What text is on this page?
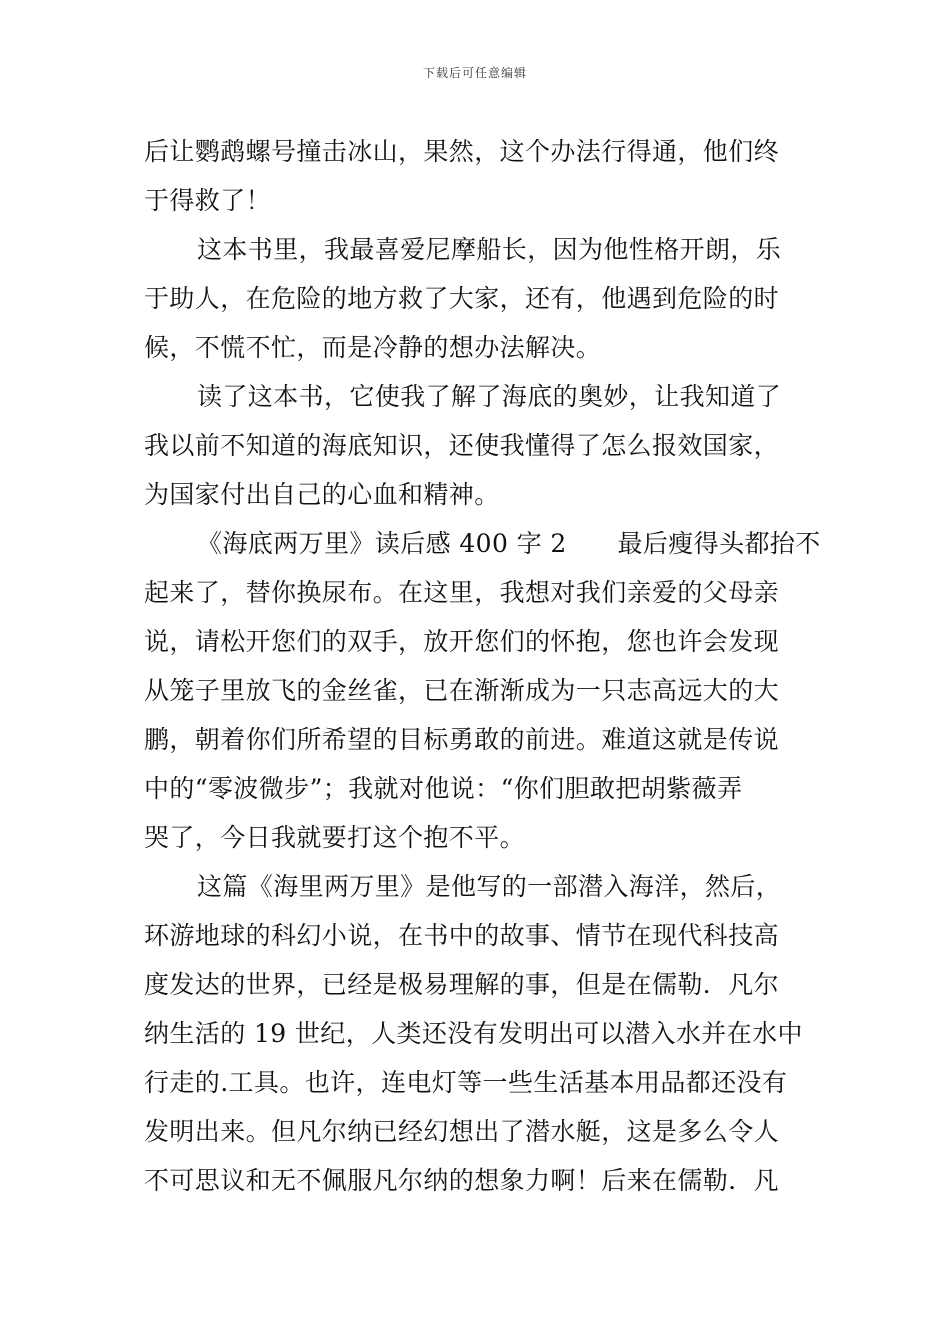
下载后可任意编辑
后让鹦鹉螺号撞击冰山，果然，这个办法行得通，他们终
于得救了！
这本书里，我最喜爱尼摩船长，因为他性格开朗，乐
于助人，在危险的地方救了大家，还有，他遇到危险的时
候，不慌不忙，而是冷静的想办法解决。
读了这本书，它使我了解了海底的奥妙，让我知道了
我以前不知道的海底知识，还使我懂得了怎么报效国家，
为国家付出自己的心血和精神。
《海底两万里》读后感 400 字 2　　最后瘦得头都抬不
起来了，替你换尿布。在这里，我想对我们亲爱的父母亲
说，请松开您们的双手，放开您们的怀抱，您也许会发现
从笼子里放飞的金丝雀，已在渐渐成为一只志高远大的大
鹏，朝着你们所希望的目标勇敢的前进。难道这就是传说
中的“零波微步”；我就对他说：“你们胆敢把胡紫薇弄
哭了，今日我就要打这个抱不平。
这篇《海里两万里》是他写的一部潜入海洋，然后，
环游地球的科幻小说，在书中的故事、情节在现代科技高
度发达的世界，已经是极易理解的事，但是在儒勒．凡尔
纳生活的 19 世纪，人类还没有发明出可以潜入水并在水中
行走的.工具。也许，连电灯等一些生活基本用品都还没有
发明出来。但凡尔纳已经幻想出了潜水艇，这是多么令人
不可思议和无不佩服凡尔纳的想象力啊！后来在儒勒．凡
